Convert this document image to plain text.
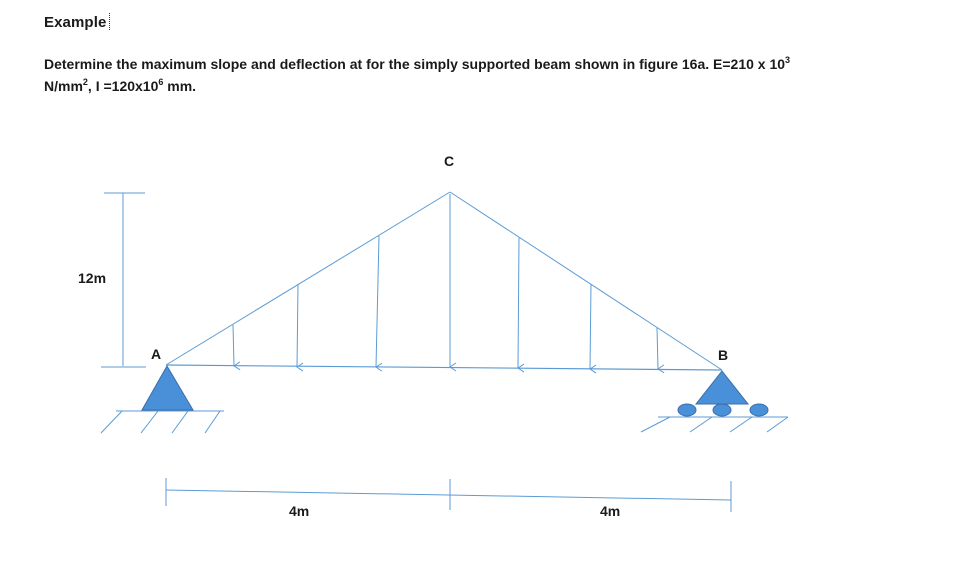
Example
Determine the maximum slope and deflection at for the simply supported beam shown in figure 16a. E=210 x $10^3$
$N/mm^2$, $I =120x10^6$ mm.
12m
C
A	B
4m	4m
